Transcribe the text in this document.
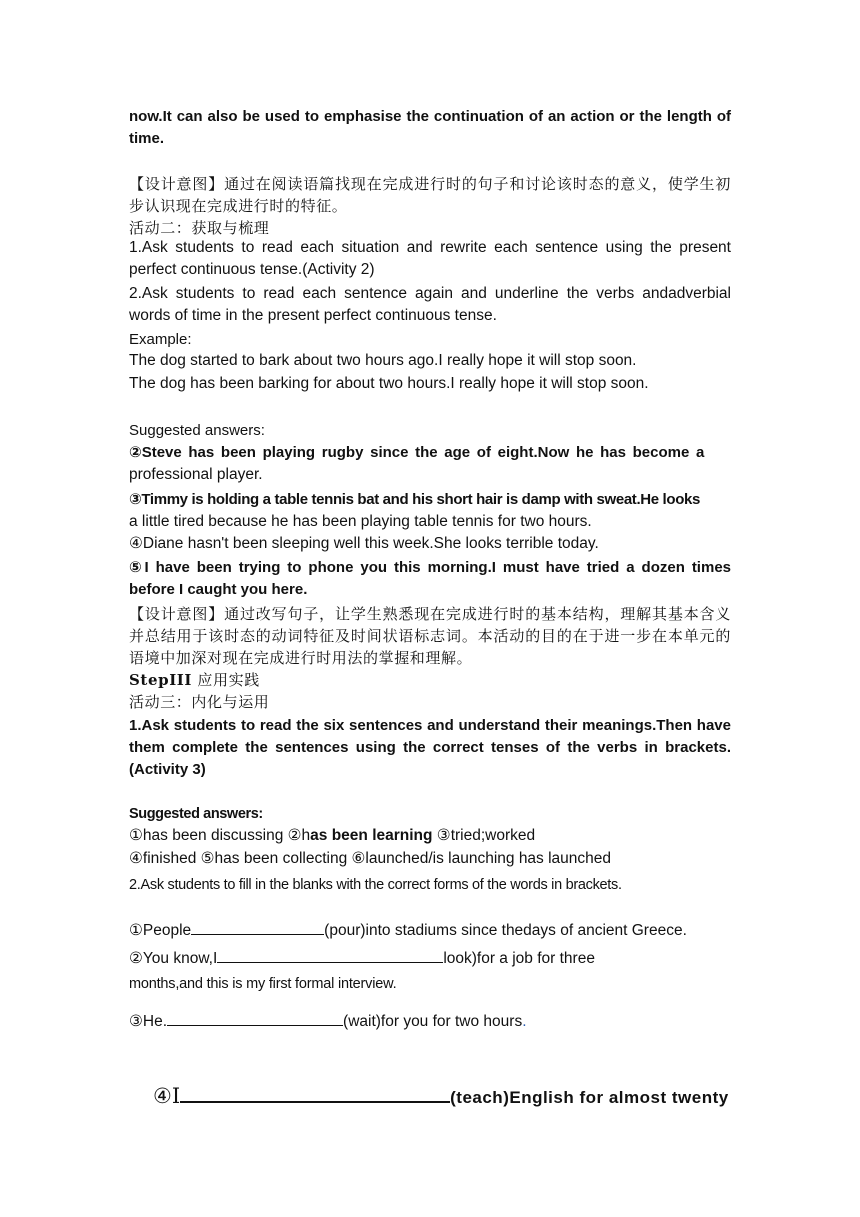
now.It can also be used to emphasise the continuation of an action or the length of time.

【设计意图】通过在阅读语篇找现在完成进行时的句子和讨论该时态的意义，使学生初步认识现在完成进行时的特征。

活动二：获取与梳理

1.Ask students to read each situation and rewrite each sentence using the present perfect continuous tense.(Activity 2)

2.Ask students to read each sentence again and underline the verbs andadverbial words of time in the present perfect continuous tense.

Example:

The dog started to bark about two hours ago.I really hope it will stop soon.

The dog has been barking for about two hours.I really hope it will stop soon.

Suggested answers:

②Steve has been playing rugby since the age of eight.Now he has become a
professional player.

③Timmy is holding a table tennis bat and his short hair is damp with sweat.He looks
a little tired because he has been playing table tennis for two hours.

④Diane hasn't been sleeping well this week.She looks terrible today.

⑤I have been trying to phone you this morning.I must have tried a dozen times before I caught you here.

【设计意图】通过改写句子，让学生熟悉现在完成进行时的基本结构，理解其基本含义并总结用于该时态的动词特征及时间状语标志词。本活动的目的在于进一步在本单元的语境中加深对现在完成进行时用法的掌握和理解。

StepIII 应用实践

活动三：内化与运用

1.Ask students to read the six sentences and understand their meanings.Then have them complete the sentences using the correct tenses of the verbs in brackets.(Activity 3)

Suggested answers:

①has been discussing ②has been learning ③tried;worked

④finished ⑤has been collecting ⑥launched/is launching has launched

2.Ask students to fill in the blanks with the correct forms of the words in brackets.

①People	(pour)into stadiums since thedays of ancient Greece.

②You know,I	look)for a job for three

months,and this is my first formal interview.

③He.	(wait)for you for two hours.

④I	(teach)English for almost twenty
